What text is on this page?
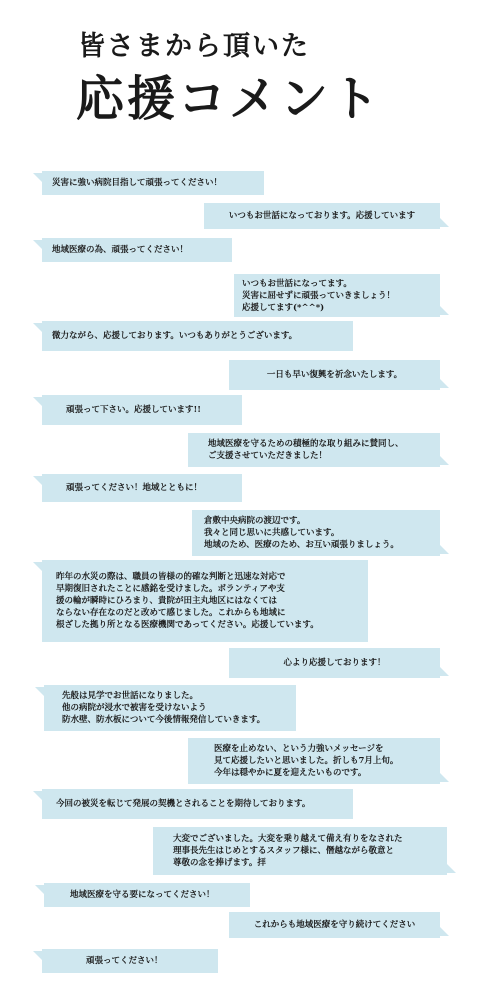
皆さまから頂いた
応援コメント
災害に強い病院目指して頑張ってください！
いつもお世話になっております。応援しています
地域医療の為、頑張ってください！
いつもお世話になってます。
災害に屈せずに頑張っていきましょう！
応援してます(*^^*)
微力ながら、応援しております。いつもありがとうございます。
一日も早い復興を祈念いたします。
頑張って下さい。応援しています!!
地域医療を守るための積極的な取り組みに賛同し、
ご支援させていただきました！
頑張ってください！地域とともに！
倉敷中央病院の渡辺です。
我々と同じ思いに共感しています。
地域のため、医療のため、お互い頑張りましょう。
昨年の水災の際は、職員の皆様の的確な判断と迅速な対応で
早期復旧されたことに感銘を受けました。ボランティアや支
援の輪が瞬時にひろまり、貴院が田主丸地区にはなくては
ならない存在なのだと改めて感じました。これからも地域に
根ざした拠り所となる医療機関であってください。応援しています。
心より応援しております！
先般は見学でお世話になりました。
他の病院が浸水で被害を受けないよう
防水壁、防水板について今後情報発信していきます。
医療を止めない、という力強いメッセージを
見て応援したいと思いました。折しも7月上旬。
今年は穏やかに夏を迎えたいものです。
今回の被災を転じて発展の契機とされることを期待しております。
大変でございました。大変を乗り越えて備え有りをなされた
理事長先生はじめとするスタッフ様に、僭越ながら敬意と
尊敬の念を捧げます。拝
地域医療を守る要になってください！
これからも地域医療を守り続けてください
頑張ってください！
